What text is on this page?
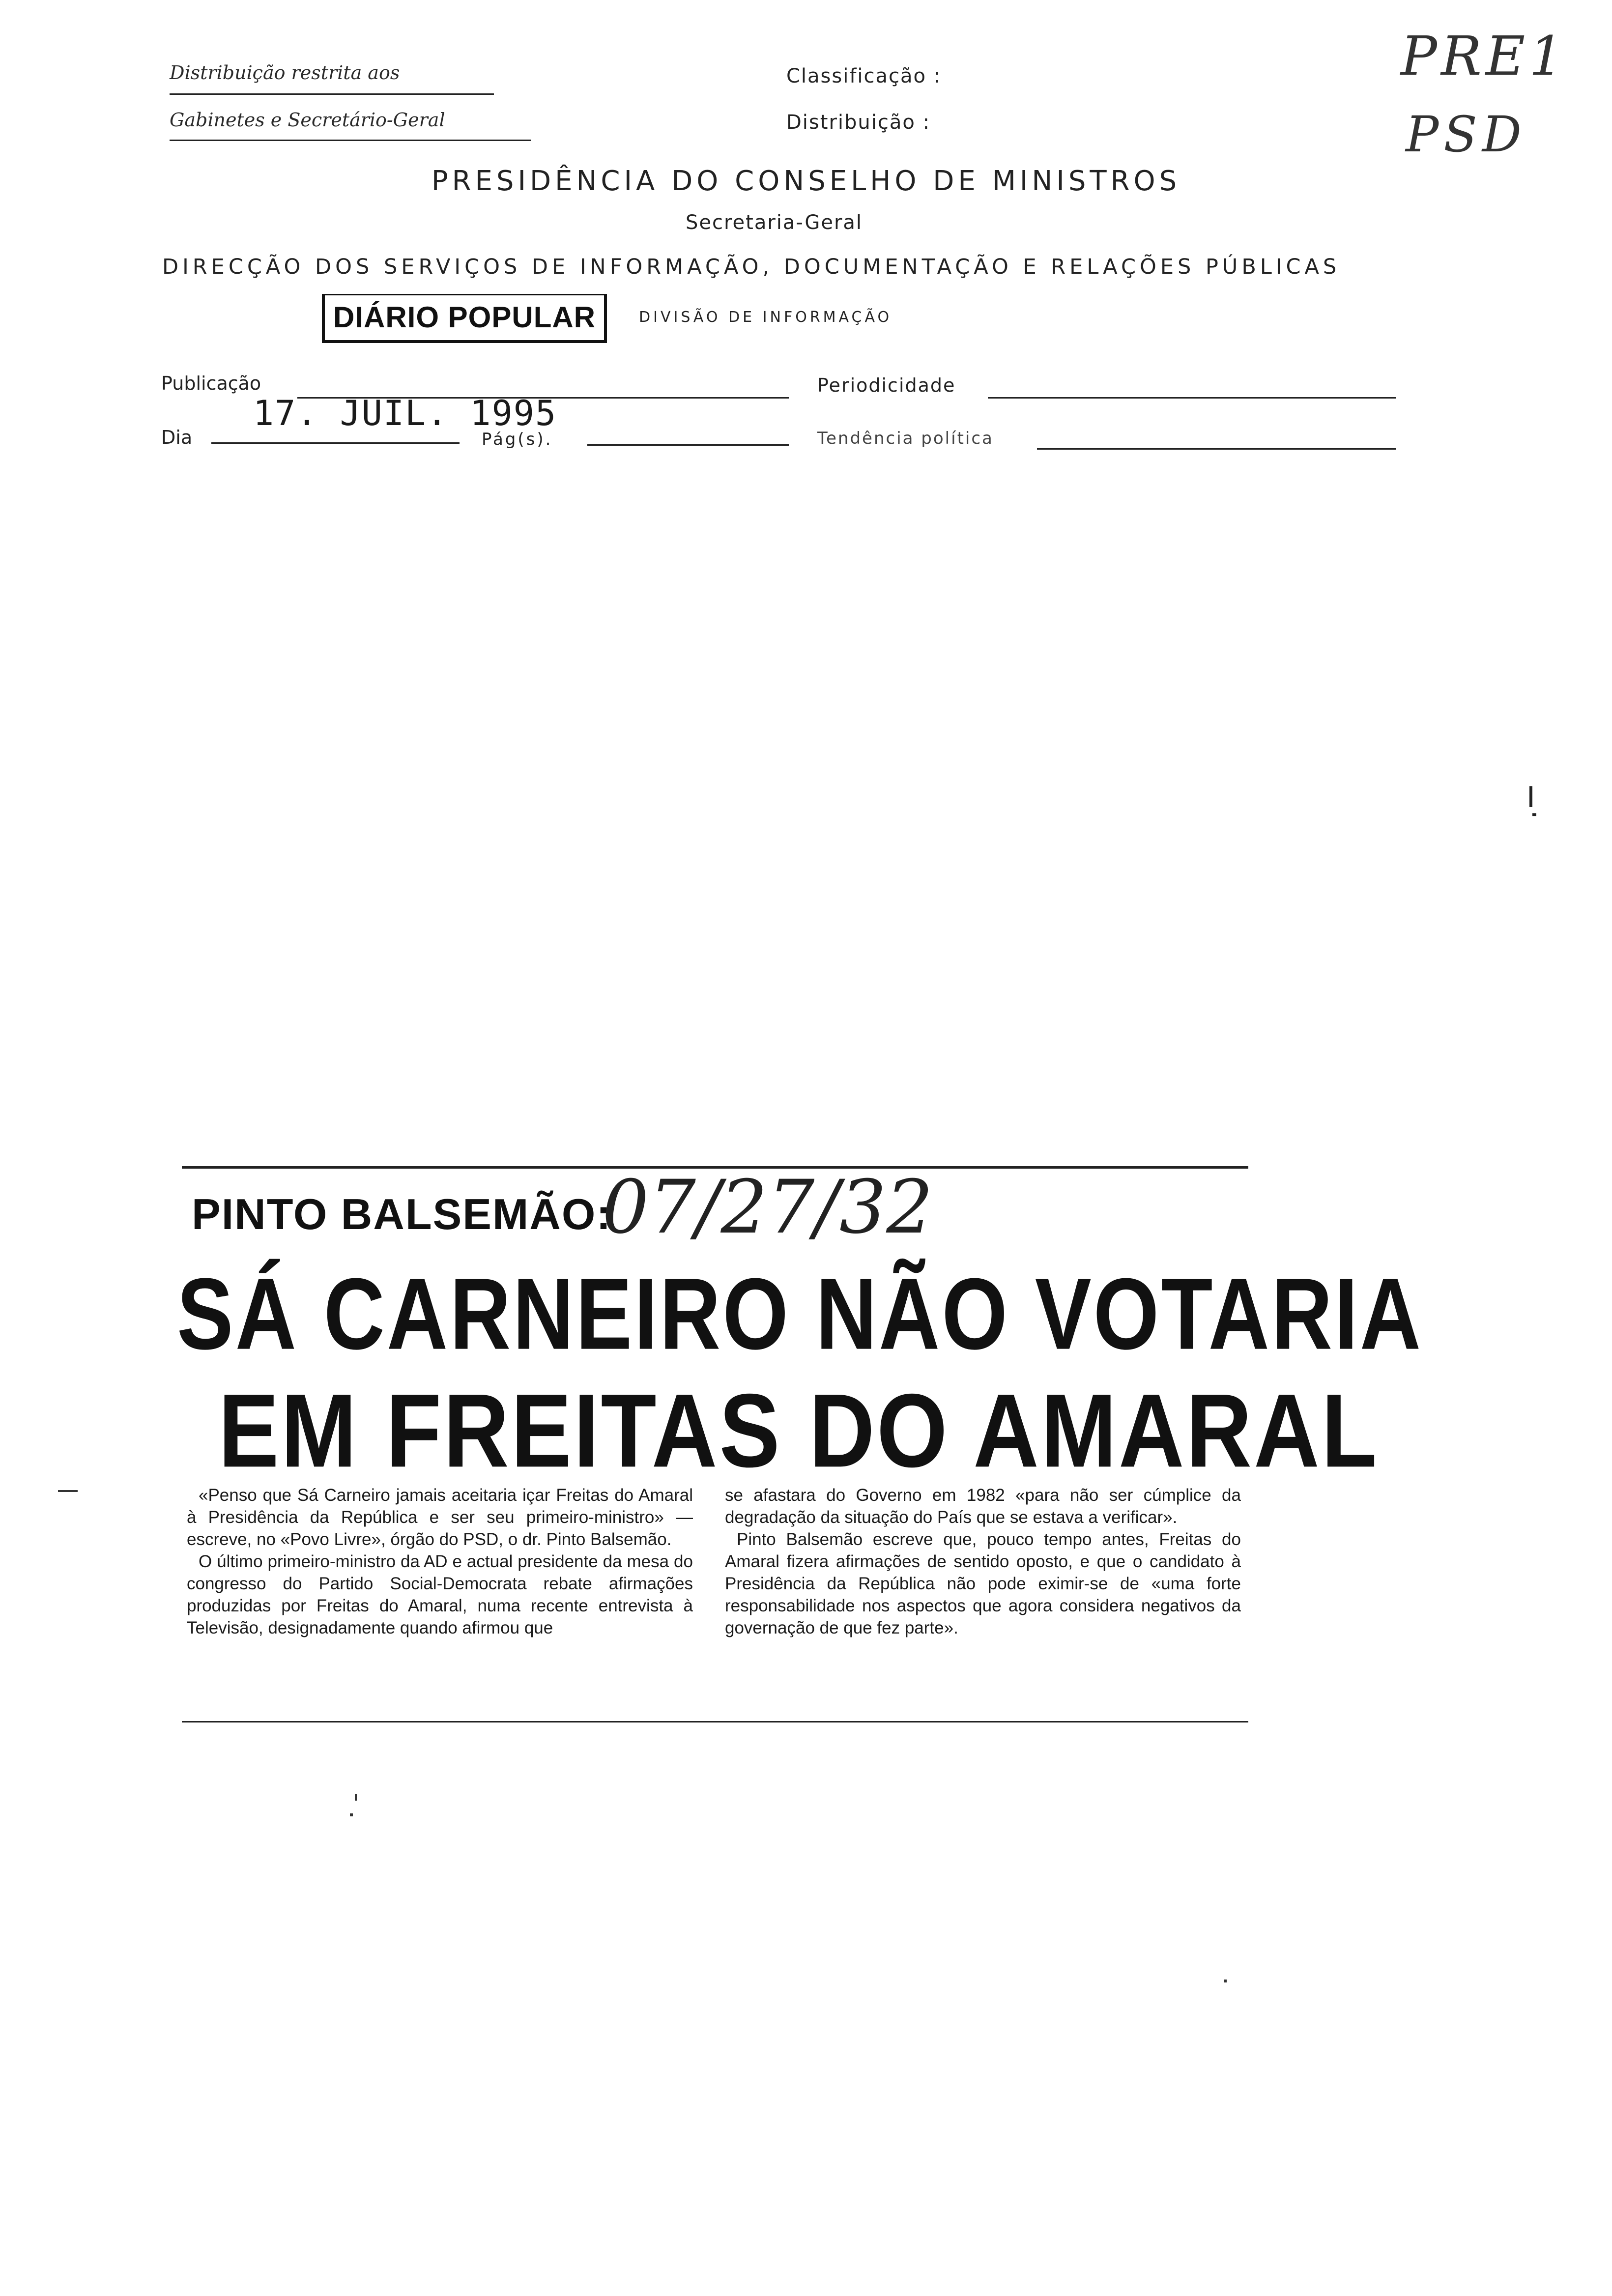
Distribuição restrita aos
Gabinetes e Secretário-Geral
Classificação :
Distribuição :
PRE1
PSD
PRESIDÊNCIA DO CONSELHO DE MINISTROS
Secretaria-Geral
DIRECÇÃO DOS SERVIÇOS DE INFORMAÇÃO, DOCUMENTAÇÃO E RELAÇÕES PÚBLICAS
DIÁRIO POPULAR	DIVISÃO DE INFORMAÇÃO
Publicação	Periodicidade
Dia
17. JUIL. 1995
Pág(s).	Tendência política
PINTO BALSEMÃO:
07/27/32
SÁ CARNEIRO NÃO VOTARIA
EM FREITAS DO AMARAL

«Penso que Sá Carneiro jamais aceitaria içar Freitas do Amaral à Presidência da República e ser seu primeiro-ministro» — escreve, no «Povo Livre», órgão do PSD, o dr. Pinto Balsemão.

O último primeiro-ministro da AD e actual presidente da mesa do congresso do Partido Social-Democrata rebate afirmações produzidas por Freitas do Amaral, numa recente entrevista à Televisão, designadamente quando afirmou que

se afastara do Governo em 1982 «para não ser cúmplice da degradação da situação do País que se estava a verificar».

Pinto Balsemão escreve que, pouco tempo antes, Freitas do Amaral fizera afirmações de sentido oposto, e que o candidato à Presidência da República não pode eximir-se de «uma forte responsabilidade nos aspectos que agora considera negativos da governação de que fez parte».
